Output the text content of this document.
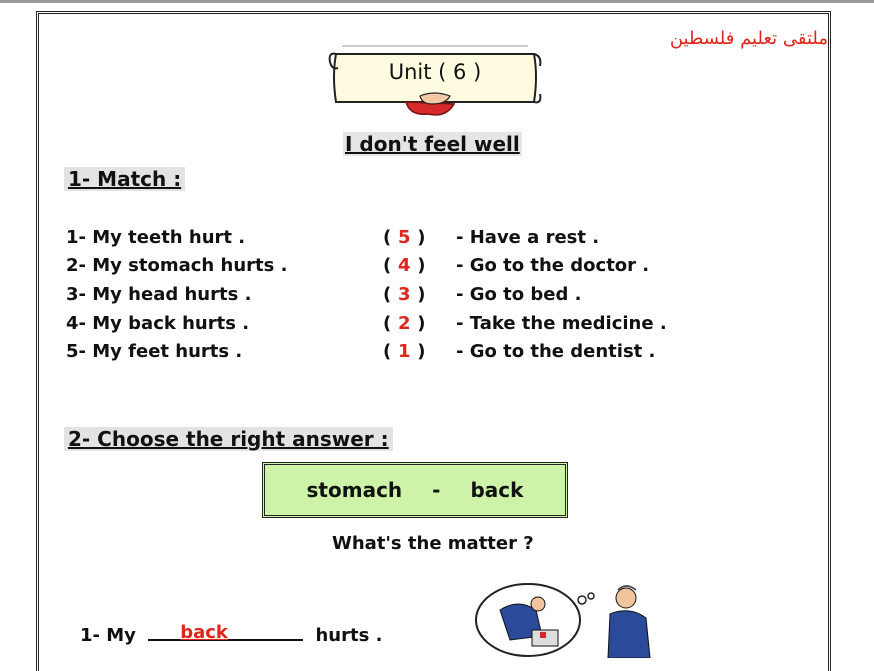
ملتقى تعليم فلسطين
Unit ( 6 )
I don't feel well
1- Match :
1- My teeth hurt .
2- My stomach hurts .
3- My head hurts .
4- My back hurts .
5- My feet hurts .
( 5 )
( 4 )
( 3 )
( 2 )
( 1 )
- Have a rest .
- Go to the doctor .
- Go to bed .
- Take the medicine .
- Go to the dentist .
2- Choose the right answer :
stomach - back
What's the matter ?
1- My back	hurts .
